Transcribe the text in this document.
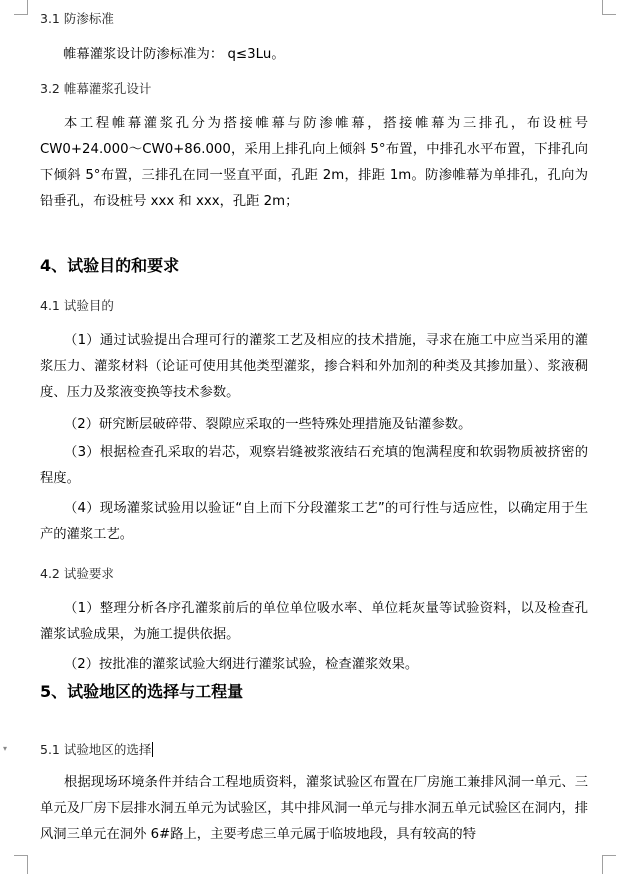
▾
3.1 防渗标准
帷幕灌浆设计防渗标准为： q≤3Lu。
3.2 帷幕灌浆孔设计
本工程帷幕灌浆孔分为搭接帷幕与防渗帷幕，搭接帷幕为三排孔，布设桩号CW0+24.000～CW0+86.000，采用上排孔向上倾斜 5°布置，中排孔水平布置，下排孔向下倾斜 5°布置，三排孔在同一竖直平面，孔距 2m，排距 1m。防渗帷幕为单排孔，孔向为铅垂孔，布设桩号 xxx 和 xxx，孔距 2m；
4、试验目的和要求
4.1 试验目的
（1）通过试验提出合理可行的灌浆工艺及相应的技术措施，寻求在施工中应当采用的灌浆压力、灌浆材料（论证可使用其他类型灌浆，掺合料和外加剂的种类及其掺加量）、浆液稠度、压力及浆液变换等技术参数。
（2）研究断层破碎带、裂隙应采取的一些特殊处理措施及钻灌参数。
（3）根据检查孔采取的岩芯，观察岩缝被浆液结石充填的饱满程度和软弱物质被挤密的程度。
（4）现场灌浆试验用以验证“自上而下分段灌浆工艺”的可行性与适应性，以确定用于生产的灌浆工艺。
4.2 试验要求
（1）整理分析各序孔灌浆前后的单位单位吸水率、单位耗灰量等试验资料，以及检查孔灌浆试验成果，为施工提供依据。
（2）按批准的灌浆试验大纲进行灌浆试验，检查灌浆效果。
5、试验地区的选择与工程量
5.1 试验地区的选择
根据现场环境条件并结合工程地质资料，灌浆试验区布置在厂房施工兼排风洞一单元、三单元及厂房下层排水洞五单元为试验区，其中排风洞一单元与排水洞五单元试验区在洞内，排风洞三单元在洞外 6#路上，主要考虑三单元属于临坡地段，具有较高的特
